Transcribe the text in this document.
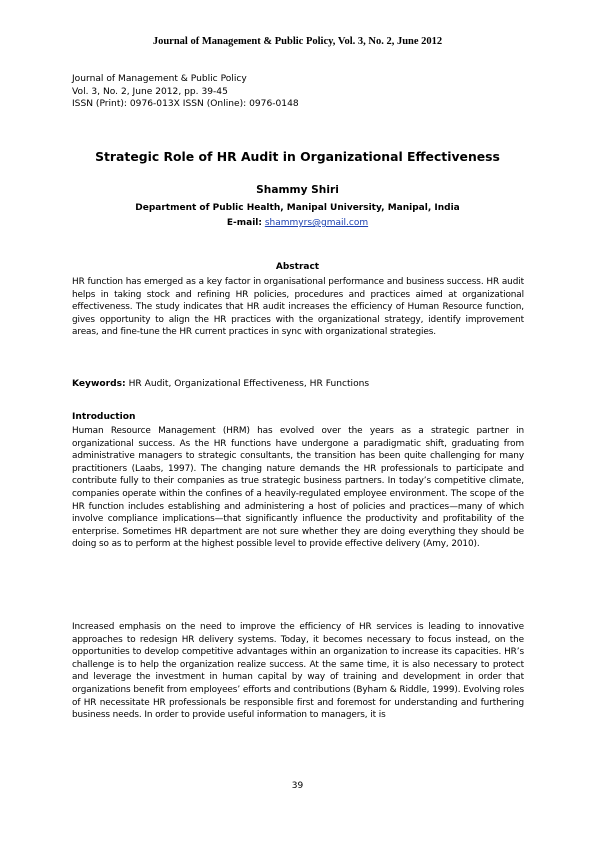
Journal of Management & Public Policy, Vol. 3, No. 2, June 2012
Journal of Management & Public Policy
Vol. 3, No. 2, June 2012, pp. 39-45
ISSN (Print): 0976-013X ISSN (Online): 0976-0148
Strategic Role of HR Audit in Organizational Effectiveness
Shammy Shiri
Department of Public Health, Manipal University, Manipal, India
E-mail: shammyrs@gmail.com
Abstract
HR function has emerged as a key factor in organisational performance and business success. HR audit helps in taking stock and refining HR policies, procedures and practices aimed at organizational effectiveness. The study indicates that HR audit increases the efficiency of Human Resource function, gives opportunity to align the HR practices with the organizational strategy, identify improvement areas, and fine-tune the HR current practices in sync with organizational strategies.
Keywords: HR Audit, Organizational Effectiveness, HR Functions
Introduction
Human Resource Management (HRM) has evolved over the years as a strategic partner in organizational success. As the HR functions have undergone a paradigmatic shift, graduating from administrative managers to strategic consultants, the transition has been quite challenging for many practitioners (Laabs, 1997). The changing nature demands the HR professionals to participate and contribute fully to their companies as true strategic business partners. In today’s competitive climate, companies operate within the confines of a heavily-regulated employee environment. The scope of the HR function includes establishing and administering a host of policies and practices—many of which involve compliance implications—that significantly influence the productivity and profitability of the enterprise. Sometimes HR department are not sure whether they are doing everything they should be doing so as to perform at the highest possible level to provide effective delivery (Amy, 2010).
Increased emphasis on the need to improve the efficiency of HR services is leading to innovative approaches to redesign HR delivery systems. Today, it becomes necessary to focus instead, on the opportunities to develop competitive advantages within an organization to increase its capacities. HR’s challenge is to help the organization realize success. At the same time, it is also necessary to protect and leverage the investment in human capital by way of training and development in order that organizations benefit from employees’ efforts and contributions (Byham & Riddle, 1999). Evolving roles of HR necessitate HR professionals be responsible first and foremost for understanding and furthering business needs. In order to provide useful information to managers, it is
39
